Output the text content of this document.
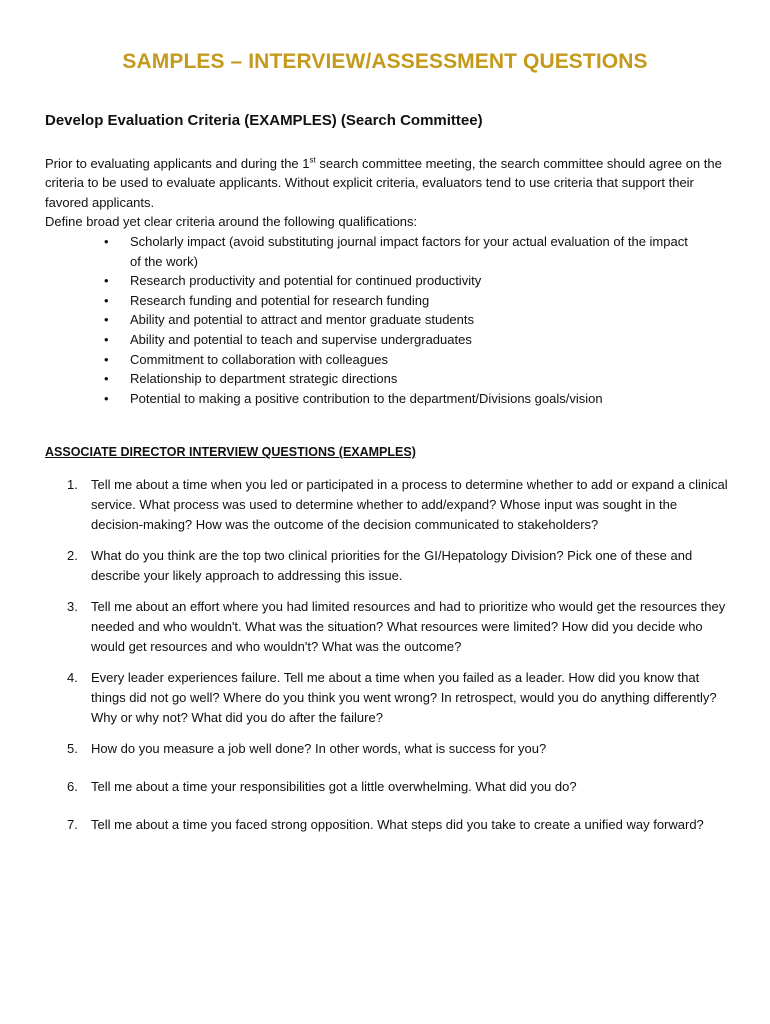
SAMPLES – INTERVIEW/ASSESSMENT QUESTIONS
Develop Evaluation Criteria (EXAMPLES) (Search Committee)

Prior to evaluating applicants and during the 1st search committee meeting, the search committee should agree on the criteria to be used to evaluate applicants. Without explicit criteria, evaluators tend to use criteria that support their favored applicants.

Define broad yet clear criteria around the following qualifications:
• Scholarly impact (avoid substituting journal impact factors for your actual evaluation of the impact of the work)
• Research productivity and potential for continued productivity
• Research funding and potential for research funding
• Ability and potential to attract and mentor graduate students
• Ability and potential to teach and supervise undergraduates
• Commitment to collaboration with colleagues
• Relationship to department strategic directions
• Potential to making a positive contribution to the department/Divisions goals/vision
ASSOCIATE DIRECTOR INTERVIEW QUESTIONS (EXAMPLES)
1. Tell me about a time when you led or participated in a process to determine whether to add or expand a clinical service. What process was used to determine whether to add/expand? Whose input was sought in the decision-making? How was the outcome of the decision communicated to stakeholders?
2. What do you think are the top two clinical priorities for the GI/Hepatology Division? Pick one of these and describe your likely approach to addressing this issue.
3. Tell me about an effort where you had limited resources and had to prioritize who would get the resources they needed and who wouldn't. What was the situation? What resources were limited? How did you decide who would get resources and who wouldn't? What was the outcome?
4. Every leader experiences failure. Tell me about a time when you failed as a leader. How did you know that things did not go well? Where do you think you went wrong? In retrospect, would you do anything differently? Why or why not? What did you do after the failure?
5. How do you measure a job well done? In other words, what is success for you?
6. Tell me about a time your responsibilities got a little overwhelming. What did you do?
7. Tell me about a time you faced strong opposition. What steps did you take to create a unified way forward?
